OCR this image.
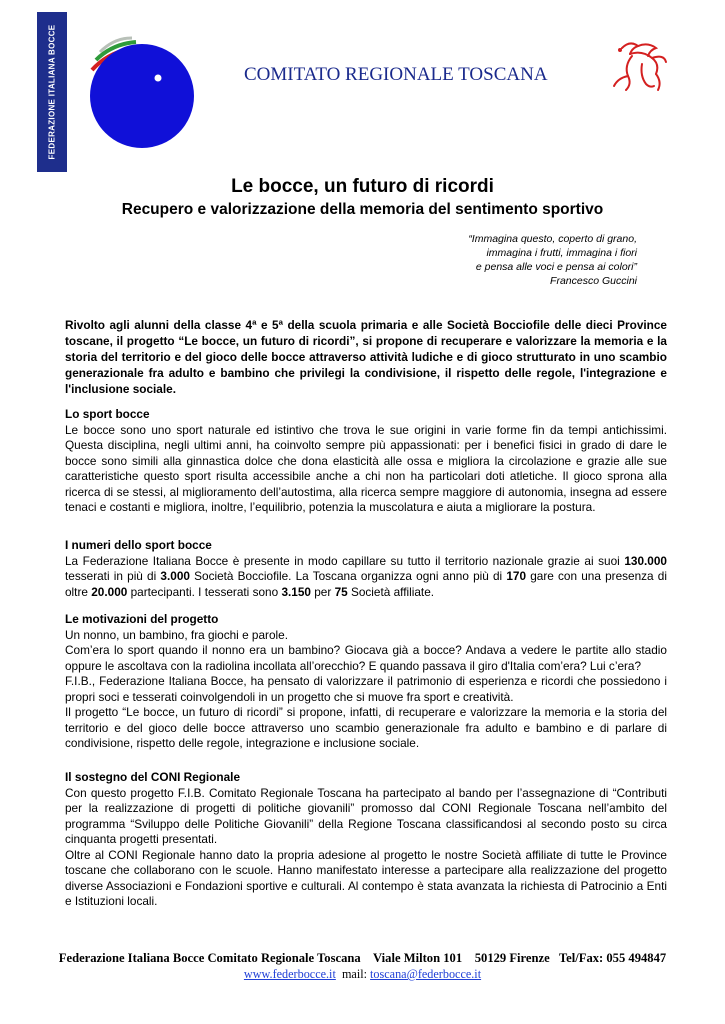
FEDERAZIONE ITALIANA BOCCE	COMITATO REGIONALE TOSCANA
Le bocce, un futuro di ricordi
Recupero e valorizzazione della memoria del sentimento sportivo
“Immagina questo, coperto di grano,
immagina i frutti, immagina i fiori
e pensa alle voci e pensa ai colori”
Francesco Guccini
Rivolto agli alunni della classe 4ª e 5ª della scuola primaria e alle Società Bocciofile delle dieci Province toscane, il progetto “Le bocce, un futuro di ricordi”, si propone di recuperare e valorizzare la memoria e la storia del territorio e del gioco delle bocce attraverso attività ludiche e di gioco strutturato in uno scambio generazionale fra adulto e bambino che privilegi la condivisione, il rispetto delle regole, l'integrazione e l'inclusione sociale.
Lo sport bocce

Le bocce sono uno sport naturale ed istintivo che trova le sue origini in varie forme fin da tempi antichissimi. Questa disciplina, negli ultimi anni, ha coinvolto sempre più appassionati: per i benefici fisici in grado di dare le bocce sono simili alla ginnastica dolce che dona elasticità alle ossa e migliora la circolazione e grazie alle sue caratteristiche questo sport risulta accessibile anche a chi non ha particolari doti atletiche. Il gioco sprona alla ricerca di se stessi, al miglioramento dell’autostima, alla ricerca sempre maggiore di autonomia, insegna ad essere tenaci e costanti e migliora, inoltre, l’equilibrio, potenzia la muscolatura e aiuta a migliorare la postura.

I numeri dello sport bocce

La Federazione Italiana Bocce è presente in modo capillare su tutto il territorio nazionale grazie ai suoi 130.000 tesserati in più di 3.000 Società Bocciofile. La Toscana organizza ogni anno più di 170 gare con una presenza di oltre 20.000 partecipanti. I tesserati sono 3.150 per 75 Società affiliate.

Le motivazioni del progetto

Un nonno, un bambino, fra giochi e parole.

Com’era lo sport quando il nonno era un bambino? Giocava già a bocce? Andava a vedere le partite allo stadio oppure le ascoltava con la radiolina incollata all’orecchio? E quando passava il giro d'Italia com’era? Lui c’era?

F.I.B., Federazione Italiana Bocce, ha pensato di valorizzare il patrimonio di esperienza e ricordi che possiedono i propri soci e tesserati coinvolgendoli in un progetto che si muove fra sport e creatività.

Il progetto “Le bocce, un futuro di ricordi” si propone, infatti, di recuperare e valorizzare la memoria e la storia del territorio e del gioco delle bocce attraverso uno scambio generazionale fra adulto e bambino e di parlare di condivisione, rispetto delle regole, integrazione e inclusione sociale.

Il sostegno del CONI Regionale

Con questo progetto F.I.B. Comitato Regionale Toscana ha partecipato al bando per l’assegnazione di “Contributi per la realizzazione di progetti di politiche giovanili” promosso dal CONI Regionale Toscana nell’ambito del programma “Sviluppo delle Politiche Giovanili” della Regione Toscana classificandosi al secondo posto su circa cinquanta progetti presentati.

Oltre al CONI Regionale hanno dato la propria adesione al progetto le nostre Società affiliate di tutte le Province toscane che collaborano con le scuole. Hanno manifestato interesse a partecipare alla realizzazione del progetto diverse Associazioni e Fondazioni sportive e culturali. Al contempo è stata avanzata la richiesta di Patrocinio a Enti e Istituzioni locali.

Federazione Italiana Bocce Comitato Regionale Toscana Viale Milton 101 50129 Firenze Tel/Fax: 055 494847
www.federbocce.it mail: toscana@federbocce.it
